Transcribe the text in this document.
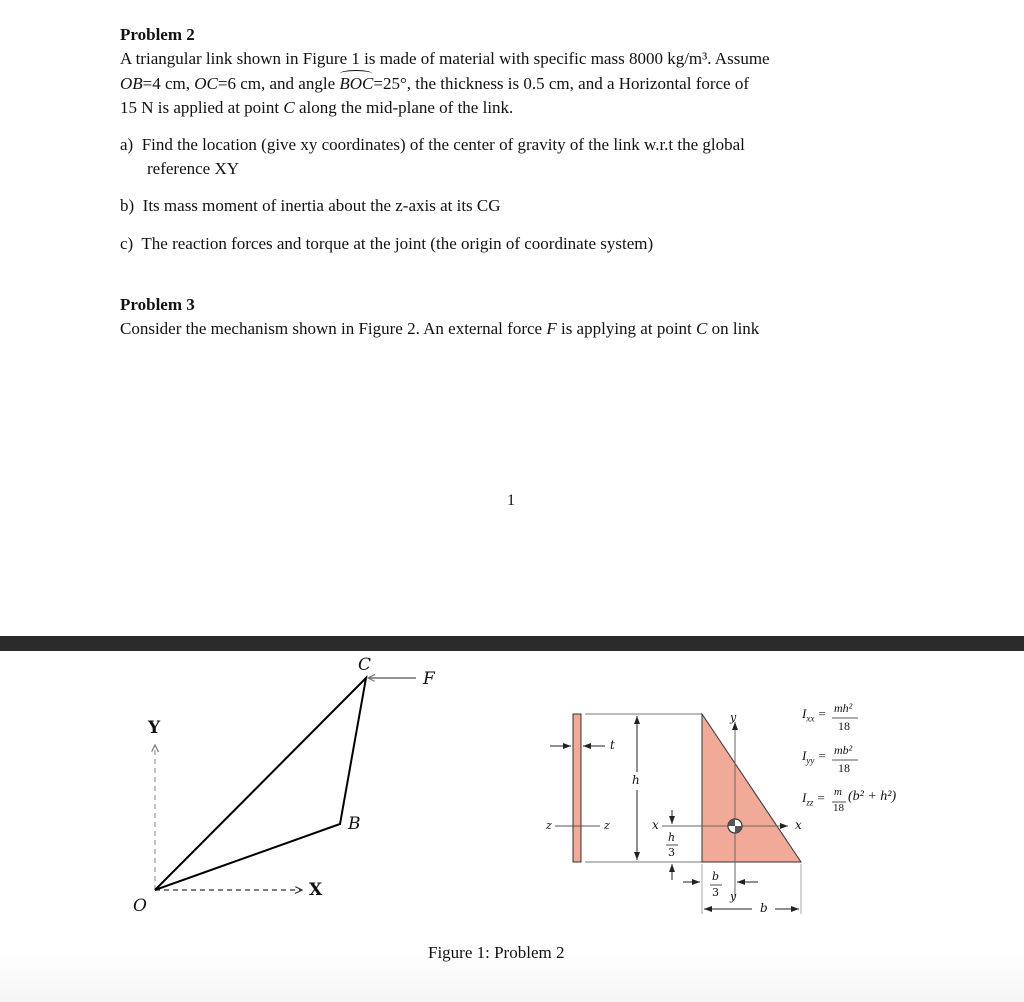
Problem 2
A triangular link shown in Figure 1 is made of material with specific mass 8000 kg/m³. Assume
OB=4 cm, OC=6 cm, and angle BOC=25°, the thickness is 0.5 cm, and a Horizontal force of
15 N is applied at point C along the mid-plane of the link.
a) Find the location (give xy coordinates) of the center of gravity of the link w.r.t the global
reference XY
b) Its mass moment of inertia about the z-axis at its CG
c) The reaction forces and torque at the joint (the origin of coordinate system)
Problem 3
Consider the mechanism shown in Figure 2. An external force F is applying at point C on link
1
C
F
Y
B
X
O
t
h
z	z	x
h
3
y
x
b
3 y
b
$I_{xx} = mh^2$
18
$I_{yy} = mb^2$
18
$I_{zz} = m$
18
(b² + h²)
Figure 1: Problem 2
